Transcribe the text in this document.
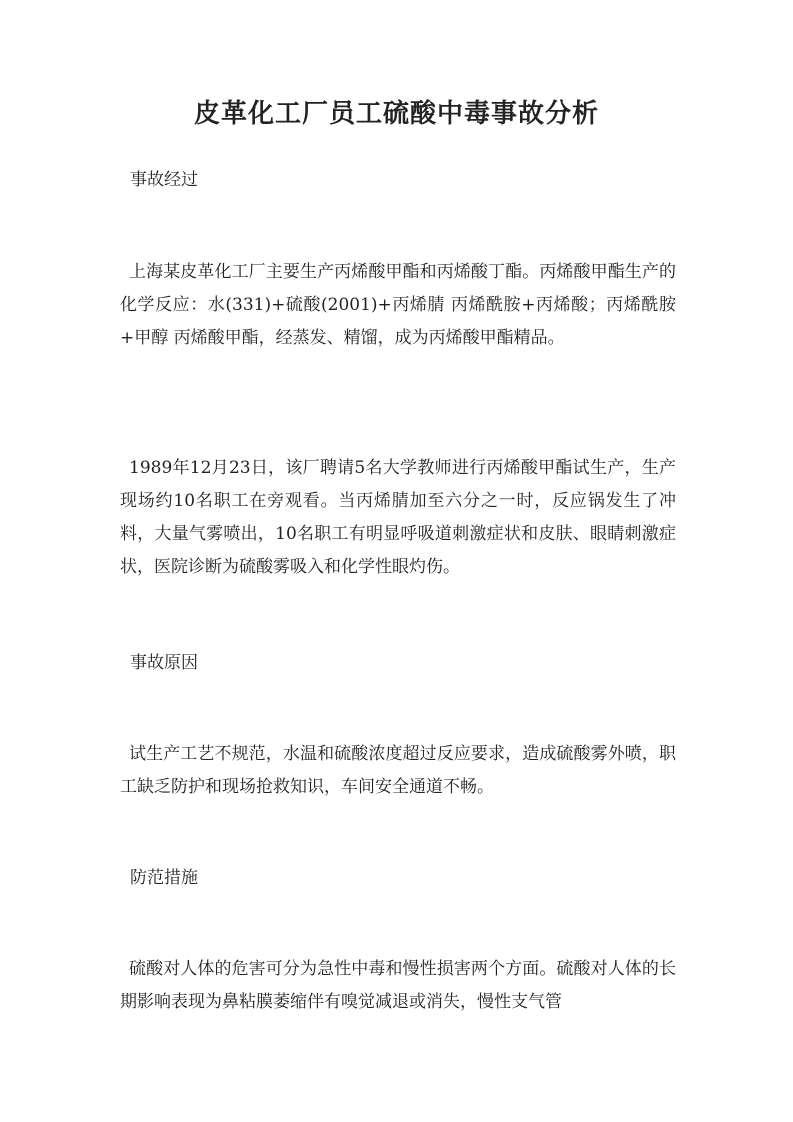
皮革化工厂员工硫酸中毒事故分析

事故经过

上海某皮革化工厂主要生产丙烯酸甲酯和丙烯酸丁酯。丙烯酸甲酯生产的化学反应：水(331)+硫酸(2001)+丙烯腈 丙烯酰胺+丙烯酸；丙烯酰胺+甲醇 丙烯酸甲酯，经蒸发、精馏，成为丙烯酸甲酯精品。

1989年12月23日，该厂聘请5名大学教师进行丙烯酸甲酯试生产，生产现场约10名职工在旁观看。当丙烯腈加至六分之一时，反应锅发生了冲料，大量气雾喷出，10名职工有明显呼吸道刺激症状和皮肤、眼睛刺激症状，医院诊断为硫酸雾吸入和化学性眼灼伤。

事故原因

试生产工艺不规范，水温和硫酸浓度超过反应要求，造成硫酸雾外喷，职工缺乏防护和现场抢救知识，车间安全通道不畅。

防范措施

硫酸对人体的危害可分为急性中毒和慢性损害两个方面。硫酸对人体的长期影响表现为鼻粘膜萎缩伴有嗅觉减退或消失，慢性支气管
